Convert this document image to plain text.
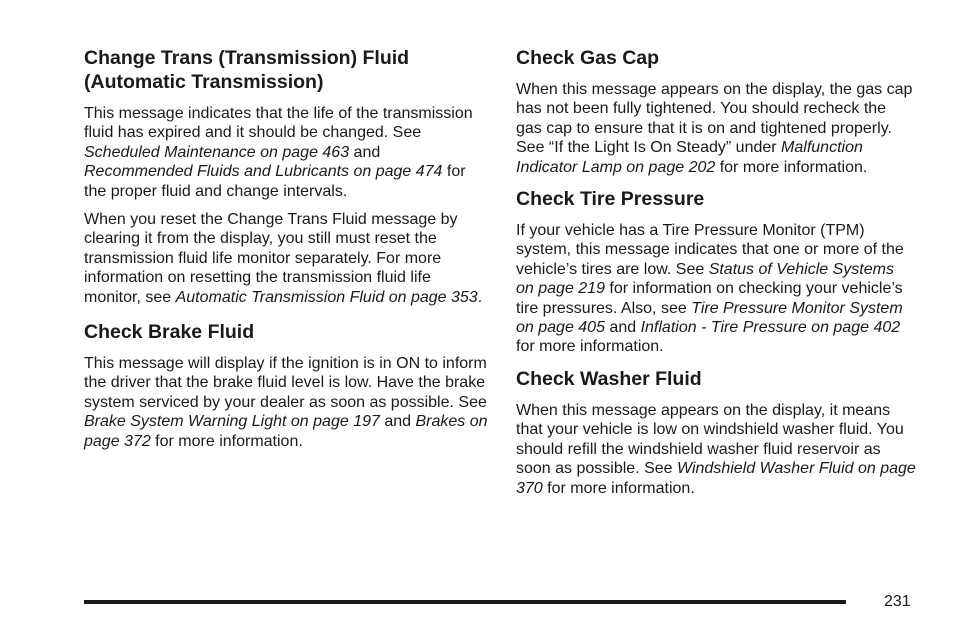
Change Trans (Transmission) Fluid (Automatic Transmission)

This message indicates that the life of the transmission fluid has expired and it should be changed. See Scheduled Maintenance on page 463 and Recommended Fluids and Lubricants on page 474 for the proper fluid and change intervals.

When you reset the Change Trans Fluid message by clearing it from the display, you still must reset the transmission fluid life monitor separately. For more information on resetting the transmission fluid life monitor, see Automatic Transmission Fluid on page 353.

Check Brake Fluid

This message will display if the ignition is in ON to inform the driver that the brake fluid level is low. Have the brake system serviced by your dealer as soon as possible. See Brake System Warning Light on page 197 and Brakes on page 372 for more information.

Check Gas Cap

When this message appears on the display, the gas cap has not been fully tightened. You should recheck the gas cap to ensure that it is on and tightened properly. See “If the Light Is On Steady” under Malfunction Indicator Lamp on page 202 for more information.

Check Tire Pressure

If your vehicle has a Tire Pressure Monitor (TPM) system, this message indicates that one or more of the vehicle’s tires are low. See Status of Vehicle Systems on page 219 for information on checking your vehicle’s tire pressures. Also, see Tire Pressure Monitor System on page 405 and Inflation - Tire Pressure on page 402 for more information.

Check Washer Fluid

When this message appears on the display, it means that your vehicle is low on windshield washer fluid. You should refill the windshield washer fluid reservoir as soon as possible. See Windshield Washer Fluid on page 370 for more information.

231
